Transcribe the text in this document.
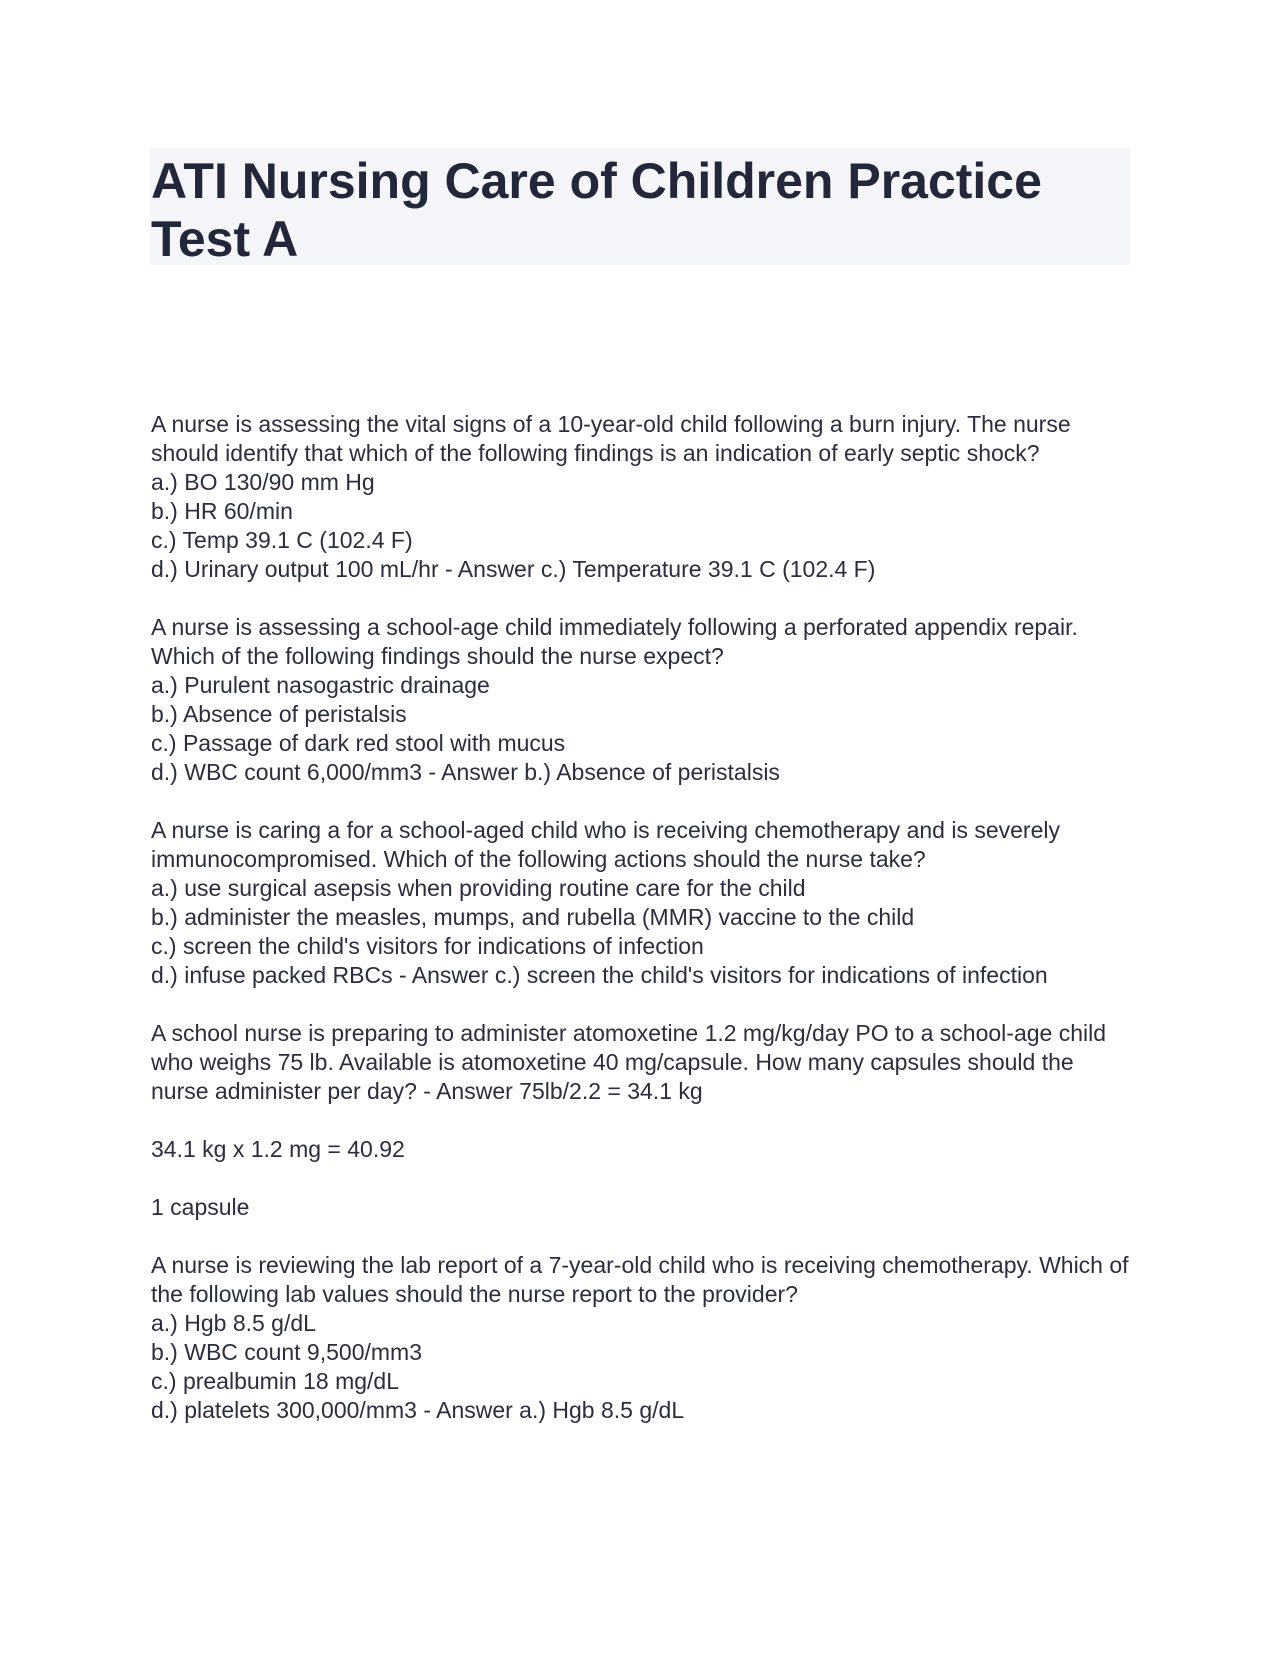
ATI Nursing Care of Children Practice Test A
A nurse is assessing the vital signs of a 10-year-old child following a burn injury. The nurse should identify that which of the following findings is an indication of early septic shock?
a.) BO 130/90 mm Hg
b.) HR 60/min
c.) Temp 39.1 C (102.4 F)
d.) Urinary output 100 mL/hr - Answer c.) Temperature 39.1 C (102.4 F)
A nurse is assessing a school-age child immediately following a perforated appendix repair. Which of the following findings should the nurse expect?
a.) Purulent nasogastric drainage
b.) Absence of peristalsis
c.) Passage of dark red stool with mucus
d.) WBC count 6,000/mm3 - Answer b.) Absence of peristalsis
A nurse is caring a for a school-aged child who is receiving chemotherapy and is severely immunocompromised. Which of the following actions should the nurse take?
a.) use surgical asepsis when providing routine care for the child
b.) administer the measles, mumps, and rubella (MMR) vaccine to the child
c.) screen the child's visitors for indications of infection
d.) infuse packed RBCs - Answer c.) screen the child's visitors for indications of infection
A school nurse is preparing to administer atomoxetine 1.2 mg/kg/day PO to a school-age child who weighs 75 lb. Available is atomoxetine 40 mg/capsule. How many capsules should the nurse administer per day? - Answer 75lb/2.2 = 34.1 kg

34.1 kg x 1.2 mg = 40.92

1 capsule

A nurse is reviewing the lab report of a 7-year-old child who is receiving chemotherapy. Which of the following lab values should the nurse report to the provider?
a.) Hgb 8.5 g/dL
b.) WBC count 9,500/mm3
c.) prealbumin 18 mg/dL
d.) platelets 300,000/mm3 - Answer a.) Hgb 8.5 g/dL
